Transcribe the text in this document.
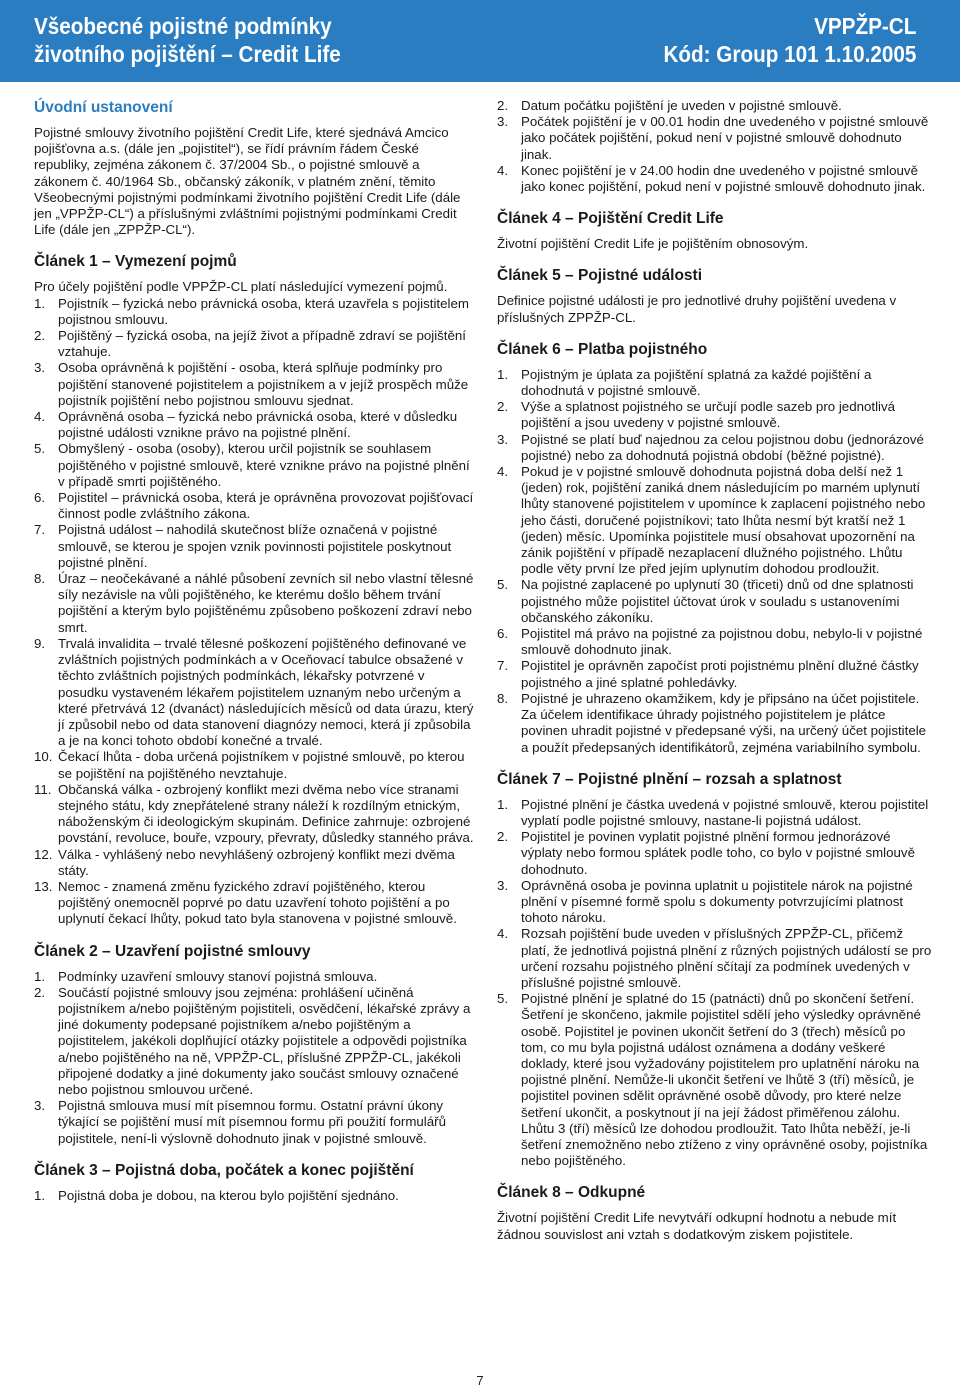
Všeobecné pojistné podmínky
životního pojištění – Credit Life
VPPŽP-CL
Kód: Group 101 1.10.2005
Úvodní ustanovení

Pojistné smlouvy životního pojištění Credit Life, které sjednává Amcico pojišťovna a.s. (dále jen „pojistitel“), se řídí právním řádem České republiky, zejména zákonem č. 37/2004 Sb., o pojistné smlouvě a zákonem č. 40/1964 Sb., občanský zákoník, v platném znění, těmito Všeobecnými pojistnými podmínkami životního pojištění Credit Life (dále jen „VPPŽP-CL“) a příslušnými zvláštními pojistnými podmínkami Credit Life (dále jen „ZPPŽP-CL“).

Článek 1 – Vymezení pojmů

Pro účely pojištění podle VPPŽP-CL platí následující vymezení pojmů.

1. Pojistník – fyzická nebo právnická osoba, která uzavřela s pojistitelem pojistnou smlouvu.
2. Pojištěný – fyzická osoba, na jejíž život a případně zdraví se pojištění vztahuje.
3. Osoba oprávněná k pojištění - osoba, která splňuje podmínky pro pojištění stanovené pojistitelem a pojistníkem a v jejíž prospěch může pojistník pojištění nebo pojistnou smlouvu sjednat.
4. Oprávněná osoba – fyzická nebo právnická osoba, které v důsledku pojistné události vznikne právo na pojistné plnění.
5. Obmyšlený - osoba (osoby), kterou určil pojistník se souhlasem pojištěného v pojistné smlouvě, které vznikne právo na pojistné plnění v případě smrti pojištěného.
6. Pojistitel – právnická osoba, která je oprávněna provozovat pojišťovací činnost podle zvláštního zákona.
7. Pojistná událost – nahodilá skutečnost blíže označená v pojistné smlouvě, se kterou je spojen vznik povinnosti pojistitele poskytnout pojistné plnění.
8. Úraz – neočekávané a náhlé působení zevních sil nebo vlastní tělesné síly nezávisle na vůli pojištěného, ke kterému došlo během trvání pojištění a kterým bylo pojištěnému způsobeno poškození zdraví nebo smrt.
9. Trvalá invalidita – trvalé tělesné poškození pojištěného definované ve zvláštních pojistných podmínkách a v Oceňovací tabulce obsažené v těchto zvláštních pojistných podmínkách, lékařsky potvrzené v posudku vystaveném lékařem pojistitelem uznaným nebo určeným a které přetrvává 12 (dvanáct) následujících měsíců od data úrazu, který jí způsobil nebo od data stanovení diagnózy nemoci, která jí způsobila a je na konci tohoto období konečné a trvalé.
10. Čekací lhůta - doba určená pojistníkem v pojistné smlouvě, po kterou se pojištění na pojištěného nevztahuje.
11. Občanská válka - ozbrojený konflikt mezi dvěma nebo více stranami stejného státu, kdy znepřátelené strany náleží k rozdílným etnickým, náboženským či ideologickým skupinám. Definice zahrnuje: ozbrojené povstání, revoluce, bouře, vzpoury, převraty, důsledky stanného práva.
12. Válka - vyhlášený nebo nevyhlášený ozbrojený konflikt mezi dvěma státy.
13. Nemoc - znamená změnu fyzického zdraví pojištěného, kterou pojištěný onemocněl poprvé po datu uzavření tohoto pojištění a po uplynutí čekací lhůty, pokud tato byla stanovena v pojistné smlouvě.
Článek 2 – Uzavření pojistné smlouvy
1. Podmínky uzavření smlouvy stanoví pojistná smlouva.
2. Součástí pojistné smlouvy jsou zejména: prohlášení učiněná pojistníkem a/nebo pojištěným pojistiteli, osvědčení, lékařské zprávy a jiné dokumenty podepsané pojistníkem a/nebo pojištěným a pojistitelem, jakékoli doplňující otázky pojistitele a odpovědi pojistníka a/nebo pojištěného na ně, VPPŽP-CL, příslušné ZPPŽP-CL, jakékoli připojené dodatky a jiné dokumenty jako součást smlouvy označené nebo pojistnou smlouvou určené.
3. Pojistná smlouva musí mít písemnou formu. Ostatní právní úkony týkající se pojištění musí mít písemnou formu při použití formulářů pojistitele, není-li výslovně dohodnuto jinak v pojistné smlouvě.
Článek 3 – Pojistná doba, počátek a konec pojištění
1. Pojistná doba je dobou, na kterou bylo pojištění sjednáno.
2. Datum počátku pojištění je uveden v pojistné smlouvě.
3. Počátek pojištění je v 00.01 hodin dne uvedeného v pojistné smlouvě jako počátek pojištění, pokud není v pojistné smlouvě dohodnuto jinak.
4. Konec pojištění je v 24.00 hodin dne uvedeného v pojistné smlouvě jako konec pojištění, pokud není v pojistné smlouvě dohodnuto jinak.
Článek 4 – Pojištění Credit Life

Životní pojištění Credit Life je pojištěním obnosovým.

Článek 5 – Pojistné události

Definice pojistné události je pro jednotlivé druhy pojištění uvedena v příslušných ZPPŽP-CL.

Článek 6 – Platba pojistného
1. Pojistným je úplata za pojištění splatná za každé pojištění a dohodnutá v pojistné smlouvě.
2. Výše a splatnost pojistného se určují podle sazeb pro jednotlivá pojištění a jsou uvedeny v pojistné smlouvě.
3. Pojistné se platí buď najednou za celou pojistnou dobu (jednorázové pojistné) nebo za dohodnutá pojistná období (běžné pojistné).
4. Pokud je v pojistné smlouvě dohodnuta pojistná doba delší než 1 (jeden) rok, pojištění zaniká dnem následujícím po marném uplynutí lhůty stanovené pojistitelem v upomínce k zaplacení pojistného nebo jeho části, doručené pojistníkovi; tato lhůta nesmí být kratší než 1 (jeden) měsíc. Upomínka pojistitele musí obsahovat upozornění na zánik pojištění v případě nezaplacení dlužného pojistného. Lhůtu podle věty první lze před jejím uplynutím dohodou prodloužit.
5. Na pojistné zaplacené po uplynutí 30 (třiceti) dnů od dne splatnosti pojistného může pojistitel účtovat úrok v souladu s ustanoveními občanského zákoníku.
6. Pojistitel má právo na pojistné za pojistnou dobu, nebylo-li v pojistné smlouvě dohodnuto jinak.
7. Pojistitel je oprávněn započíst proti pojistnému plnění dlužné částky pojistného a jiné splatné pohledávky.
8. Pojistné je uhrazeno okamžikem, kdy je připsáno na účet pojistitele. Za účelem identifikace úhrady pojistného pojistitelem je plátce povinen uhradit pojistné v předepsané výši, na určený účet pojistitele a použít předepsaných identifikátorů, zejména variabilního symbolu.
Článek 7 – Pojistné plnění – rozsah a splatnost
1. Pojistné plnění je částka uvedená v pojistné smlouvě, kterou pojistitel vyplatí podle pojistné smlouvy, nastane-li pojistná událost.
2. Pojistitel je povinen vyplatit pojistné plnění formou jednorázové výplaty nebo formou splátek podle toho, co bylo v pojistné smlouvě dohodnuto.
3. Oprávněná osoba je povinna uplatnit u pojistitele nárok na pojistné plnění v písemné formě spolu s dokumenty potvrzujícími platnost tohoto nároku.
4. Rozsah pojištění bude uveden v příslušných ZPPŽP-CL, přičemž platí, že jednotlivá pojistná plnění z různých pojistných událostí se pro určení rozsahu pojistného plnění sčítají za podmínek uvedených v příslušné pojistné smlouvě.
5. Pojistné plnění je splatné do 15 (patnácti) dnů po skončení šetření. Šetření je skončeno, jakmile pojistitel sdělí jeho výsledky oprávněné osobě. Pojistitel je povinen ukončit šetření do 3 (třech) měsíců po tom, co mu byla pojistná událost oznámena a dodány veškeré doklady, které jsou vyžadovány pojistitelem pro uplatnění nároku na pojistné plnění. Nemůže-li ukončit šetření ve lhůtě 3 (tří) měsíců, je pojistitel povinen sdělit oprávněné osobě důvody, pro které nelze šetření ukončit, a poskytnout jí na její žádost přiměřenou zálohu. Lhůtu 3 (tří) měsíců lze dohodou prodloužit. Tato lhůta neběží, je-li šetření znemožněno nebo ztíženo z viny oprávněné osoby, pojistníka nebo pojištěného.
Článek 8 – Odkupné

Životní pojištění Credit Life nevytváří odkupní hodnotu a nebude mít žádnou souvislost ani vztah s dodatkovým ziskem pojistitele.

7
